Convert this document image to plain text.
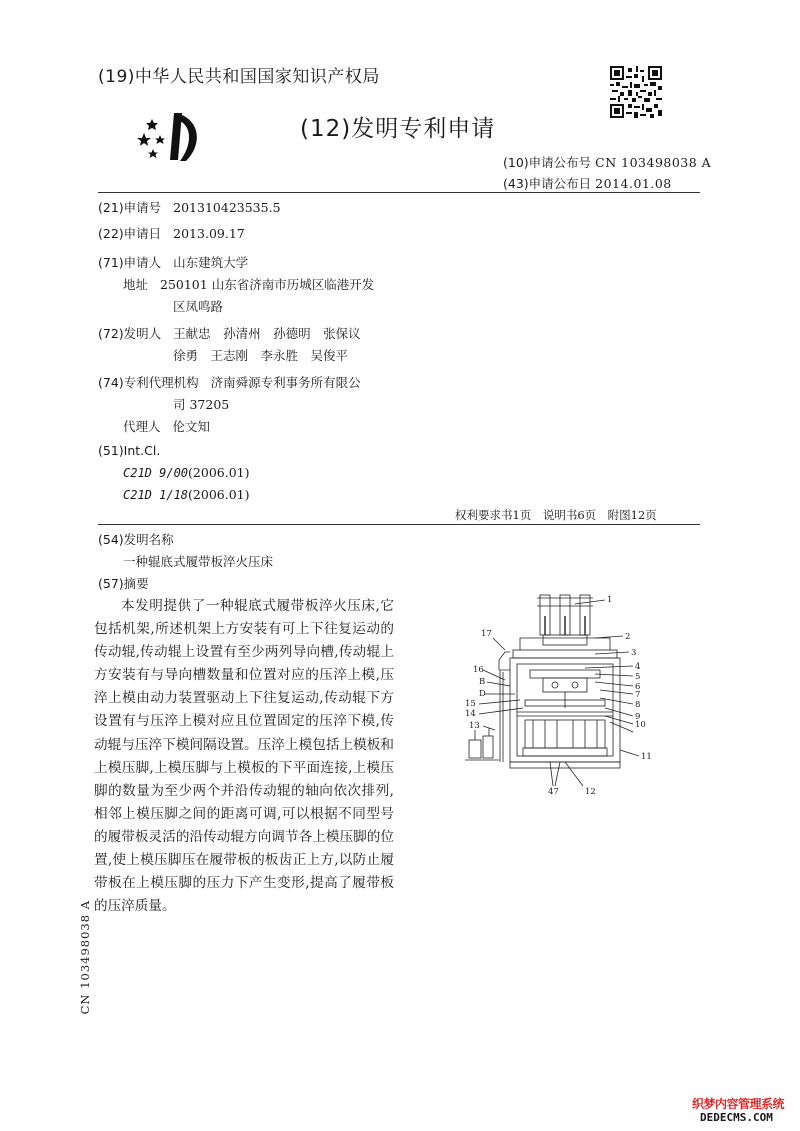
(19)中华人民共和国国家知识产权局
(12)发明专利申请
(10)申请公布号 CN 103498038 A
(43)申请公布日 2014.01.08
(21)申请号 201310423535.5
(22)申请日 2013.09.17
(71)申请人 山东建筑大学
地址 250101 山东省济南市历城区临港开发
区凤鸣路
(72)发明人 王献忠　孙清州　孙德明　张保议
徐勇　王志刚　李永胜　吴俊平
(74)专利代理机构 济南舜源专利事务所有限公
司 37205
代理人 伦文知
(51)Int.Cl.
C21D 9/00(2006.01)
C21D 1/18(2006.01)
权利要求书1页　说明书6页　附图12页
(54)发明名称
一种辊底式履带板淬火压床
(57)摘要
本发明提供了一种辊底式履带板淬火压床,它包括机架,所述机架上方安装有可上下往复运动的传动辊,传动辊上设置有至少两列导向槽,传动辊上方安装有与导向槽数量和位置对应的压淬上模,压淬上模由动力装置驱动上下往复运动,传动辊下方设置有与压淬上模对应且位置固定的压淬下模,传动辊与压淬下模间隔设置。压淬上模包括上模板和上模压脚,上模压脚与上模板的下平面连接,上模压脚的数量为至少两个并沿传动辊的轴向依次排列,相邻上模压脚之间的距离可调,可以根据不同型号的履带板灵活的沿传动辊方向调节各上模压脚的位置,使上模压脚压在履带板的板齿正上方,以防止履带板在上模压脚的压力下产生变形,提高了履带板的压淬质量。
1
2
3
4
5
6
7
8
9
10
11
12
47
17
16
B
D
15
14
13
CN 103498038 A
织梦内容管理系统
DEDECMS.COM
